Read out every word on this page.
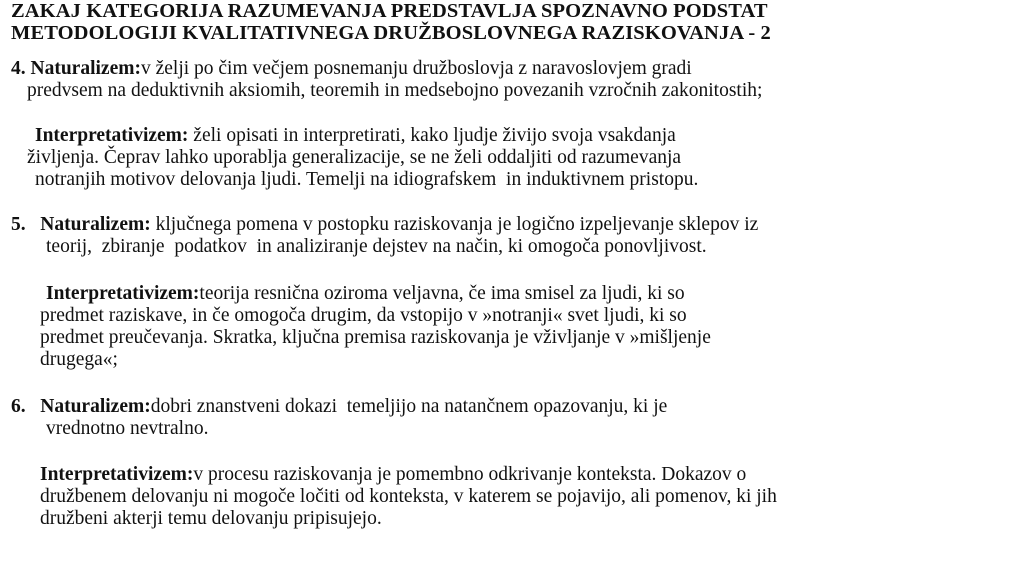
ZAKAJ KATEGORIJA RAZUMEVANJA PREDSTAVLJA SPOZNAVNO PODSTAT
METODOLOGIJI KVALITATIVNEGA DRUŽBOSLOVNEGA RAZISKOVANJA - 2
4. Naturalizem:v želji po čim večjem posnemanju družboslovja z naravoslovjem gradi
predvsem na deduktivnih aksiomih, teoremih in medsebojno povezanih vzročnih zakonitostih;
Interpretativizem: želi opisati in interpretirati, kako ljudje živijo svoja vsakdanja
življenja. Čeprav lahko uporablja generalizacije, se ne želi oddaljiti od razumevanja
notranjih motivov delovanja ljudi. Temelji na idiografskem  in induktivnem pristopu.
5. Naturalizem: ključnega pomena v postopku raziskovanja je logično izpeljevanje sklepov iz
teorij,  zbiranje  podatkov  in analiziranje dejstev na način, ki omogoča ponovljivost.
Interpretativizem:teorija resnična oziroma veljavna, če ima smisel za ljudi, ki so
predmet raziskave, in če omogoča drugim, da vstopijo v »notranji« svet ljudi, ki so
predmet preučevanja. Skratka, ključna premisa raziskovanja je vživljanje v »mišljenje
drugega«;
6. Naturalizem:dobri znanstveni dokazi  temeljijo na natančnem opazovanju, ki je
vrednotno nevtralno.
Interpretativizem:v procesu raziskovanja je pomembno odkrivanje konteksta. Dokazov o
družbenem delovanju ni mogoče ločiti od konteksta, v katerem se pojavijo, ali pomenov, ki jih
družbeni akterji temu delovanju pripisujejo.
